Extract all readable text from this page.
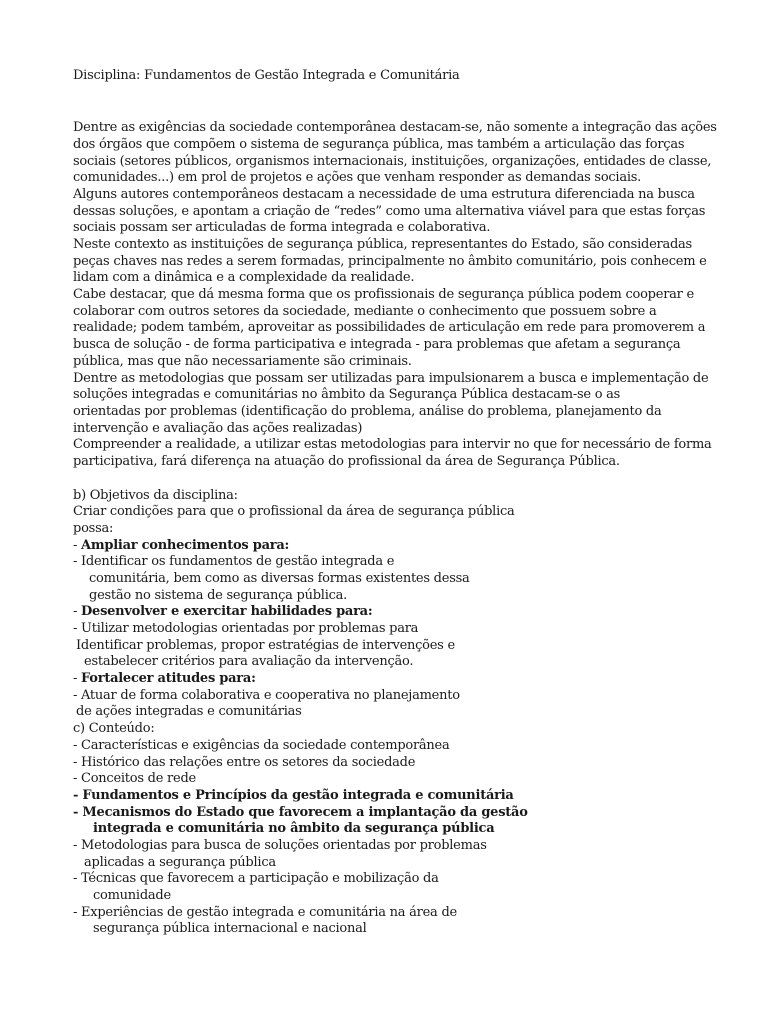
Disciplina: Fundamentos de Gestão Integrada e Comunitária

Dentre as exigências da sociedade contemporânea destacam-se, não somente a integração das ações

dos órgãos que compõem o sistema de segurança pública, mas também a articulação das forças

sociais (setores públicos, organismos internacionais, instituições, organizações, entidades de classe,

comunidades...) em prol de projetos e ações que venham responder as demandas sociais.

Alguns autores contemporâneos destacam a necessidade de uma estrutura diferenciada na busca

dessas soluções, e apontam a criação de “redes” como uma alternativa viável para que estas forças

sociais possam ser articuladas de forma integrada e colaborativa.

Neste contexto as instituições de segurança pública, representantes do Estado, são consideradas

peças chaves nas redes a serem formadas, principalmente no âmbito comunitário, pois conhecem e

lidam com a dinâmica e a complexidade da realidade.

Cabe destacar, que dá mesma forma que os profissionais de segurança pública podem cooperar e

colaborar com outros setores da sociedade, mediante o conhecimento que possuem sobre a

realidade; podem também, aproveitar as possibilidades de articulação em rede para promoverem a

busca de solução - de forma participativa e integrada - para problemas que afetam a segurança

pública, mas que não necessariamente são criminais.

Dentre as metodologias que possam ser utilizadas para impulsionarem a busca e implementação de

soluções integradas e comunitárias no âmbito da Segurança Pública destacam-se o as

orientadas por problemas (identificação do problema, análise do problema, planejamento da

intervenção e avaliação das ações realizadas)

Compreender a realidade, a utilizar estas metodologias para intervir no que for necessário de forma

participativa, fará diferença na atuação do profissional da área de Segurança Pública.

b) Objetivos da disciplina:

Criar condições para que o profissional da área de segurança pública

possa:

- Ampliar conhecimentos para:

- Identificar os fundamentos de gestão integrada e

comunitária, bem como as diversas formas existentes dessa

gestão no sistema de segurança pública.

- Desenvolver e exercitar habilidades para:

- Utilizar metodologias orientadas por problemas para

Identificar problemas, propor estratégias de intervenções e

estabelecer critérios para avaliação da intervenção.

- Fortalecer atitudes para:

- Atuar de forma colaborativa e cooperativa no planejamento

de ações integradas e comunitárias

c) Conteúdo:

- Características e exigências da sociedade contemporânea

- Histórico das relações entre os setores da sociedade

- Conceitos de rede

- Fundamentos e Princípios da gestão integrada e comunitária

- Mecanismos do Estado que favorecem a implantação da gestão

integrada e comunitária no âmbito da segurança pública

- Metodologias para busca de soluções orientadas por problemas

aplicadas a segurança pública

- Técnicas que favorecem a participação e mobilização da

comunidade

- Experiências de gestão integrada e comunitária na área de

segurança pública internacional e nacional
